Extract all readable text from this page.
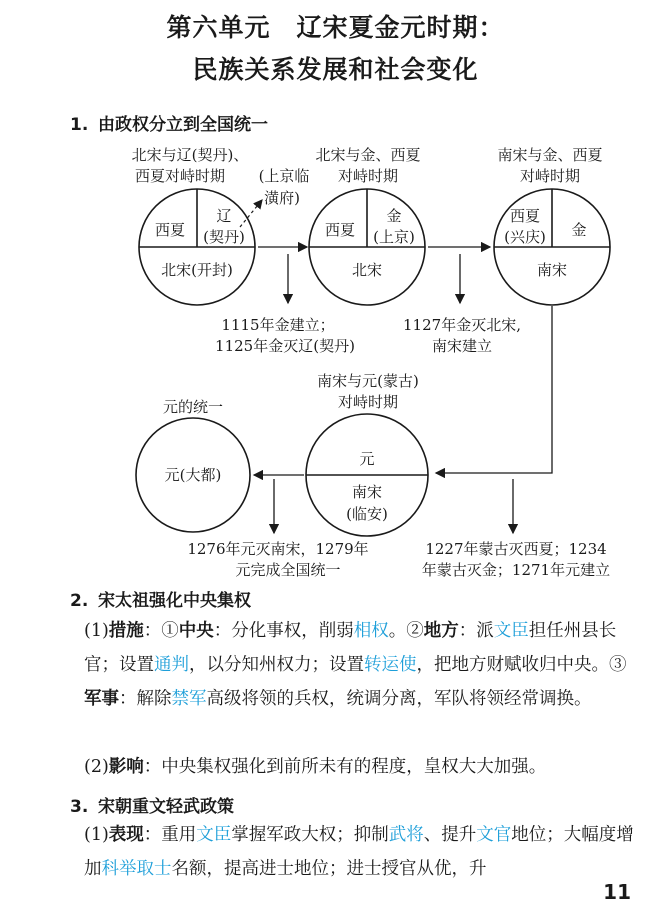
第六单元　辽宋夏金元时期：
民族关系发展和社会变化
1. 由政权分立到全国统一
北宋与辽(契丹)、
西夏对峙时期
北宋与金、西夏
对峙时期
南宋与金、西夏
对峙时期
(上京临
潢府)
西夏
辽
(契丹)
北宋(开封)
西夏
金
(上京)
北宋
西夏
(兴庆) 金
南宋
1115年金建立；
1125年金灭辽(契丹)
1127年金灭北宋,
南宋建立
南宋与元(蒙古)
对峙时期
元的统一
元
南宋
(临安)
元(大都)
1276年元灭南宋，1279年
元完成全国统一
1227年蒙古灭西夏；1234
年蒙古灭金；1271年元建立
2. 宋太祖强化中央集权
(1)措施：①中央：分化事权，削弱相权。②地方：派文臣担任州县长官；设置通判，以分知州权力；设置转运使，把地方财赋收归中央。③军事：解除禁军高级将领的兵权，统调分离，军队将领经常调换。
(2)影响：中央集权强化到前所未有的程度，皇权大大加强。
3. 宋朝重文轻武政策
(1)表现：重用文臣掌握军政大权；抑制武将、提升文官地位；大幅度增加科举取士名额，提高进士地位；进士授官从优，升
11
